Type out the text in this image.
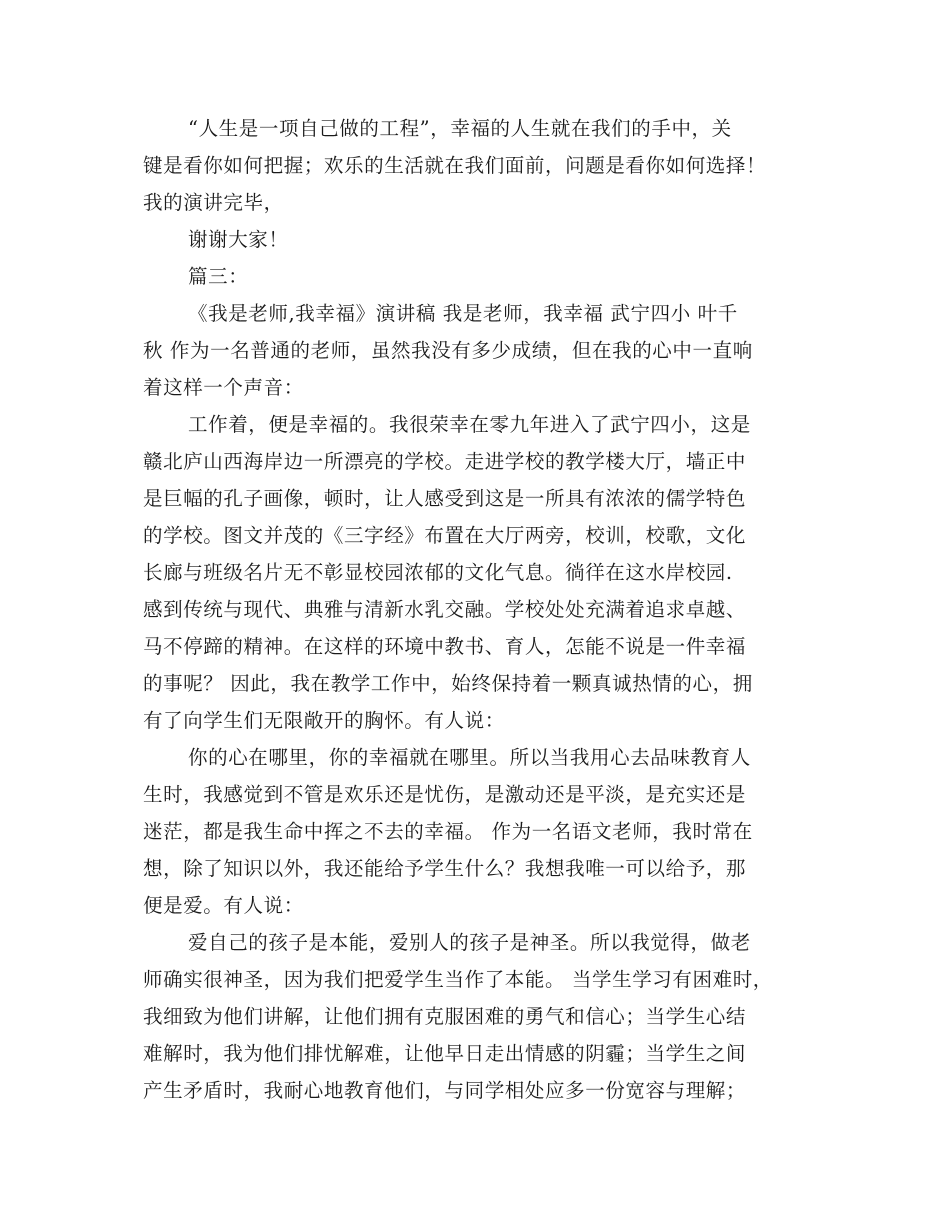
“人生是一项自己做的工程”，幸福的人生就在我们的手中，关
键是看你如何把握；欢乐的生活就在我们面前，问题是看你如何选择！
我的演讲完毕，
谢谢大家！
篇三：
《我是老师,我幸福》演讲稿 我是老师，我幸福 武宁四小 叶千
秋 作为一名普通的老师，虽然我没有多少成绩，但在我的心中一直响
着这样一个声音：
工作着，便是幸福的。我很荣幸在零九年进入了武宁四小，这是
赣北庐山西海岸边一所漂亮的学校。走进学校的教学楼大厅，墙正中
是巨幅的孔子画像，顿时，让人感受到这是一所具有浓浓的儒学特色
的学校。图文并茂的《三字经》布置在大厅两旁，校训，校歌，文化
长廊与班级名片无不彰显校园浓郁的文化气息。徜徉在这水岸校园.
感到传统与现代、典雅与清新水乳交融。学校处处充满着追求卓越、
马不停蹄的精神。在这样的环境中教书、育人，怎能不说是一件幸福
的事呢？ 因此，我在教学工作中，始终保持着一颗真诚热情的心，拥
有了向学生们无限敞开的胸怀。有人说：
你的心在哪里，你的幸福就在哪里。所以当我用心去品味教育人
生时，我感觉到不管是欢乐还是忧伤，是激动还是平淡，是充实还是
迷茫，都是我生命中挥之不去的幸福。 作为一名语文老师，我时常在
想，除了知识以外，我还能给予学生什么？我想我唯一可以给予，那
便是爱。有人说：
爱自己的孩子是本能，爱别人的孩子是神圣。所以我觉得，做老
师确实很神圣，因为我们把爱学生当作了本能。 当学生学习有困难时，
我细致为他们讲解，让他们拥有克服困难的勇气和信心；当学生心结
难解时，我为他们排忧解难，让他早日走出情感的阴霾；当学生之间
产生矛盾时，我耐心地教育他们，与同学相处应多一份宽容与理解；
